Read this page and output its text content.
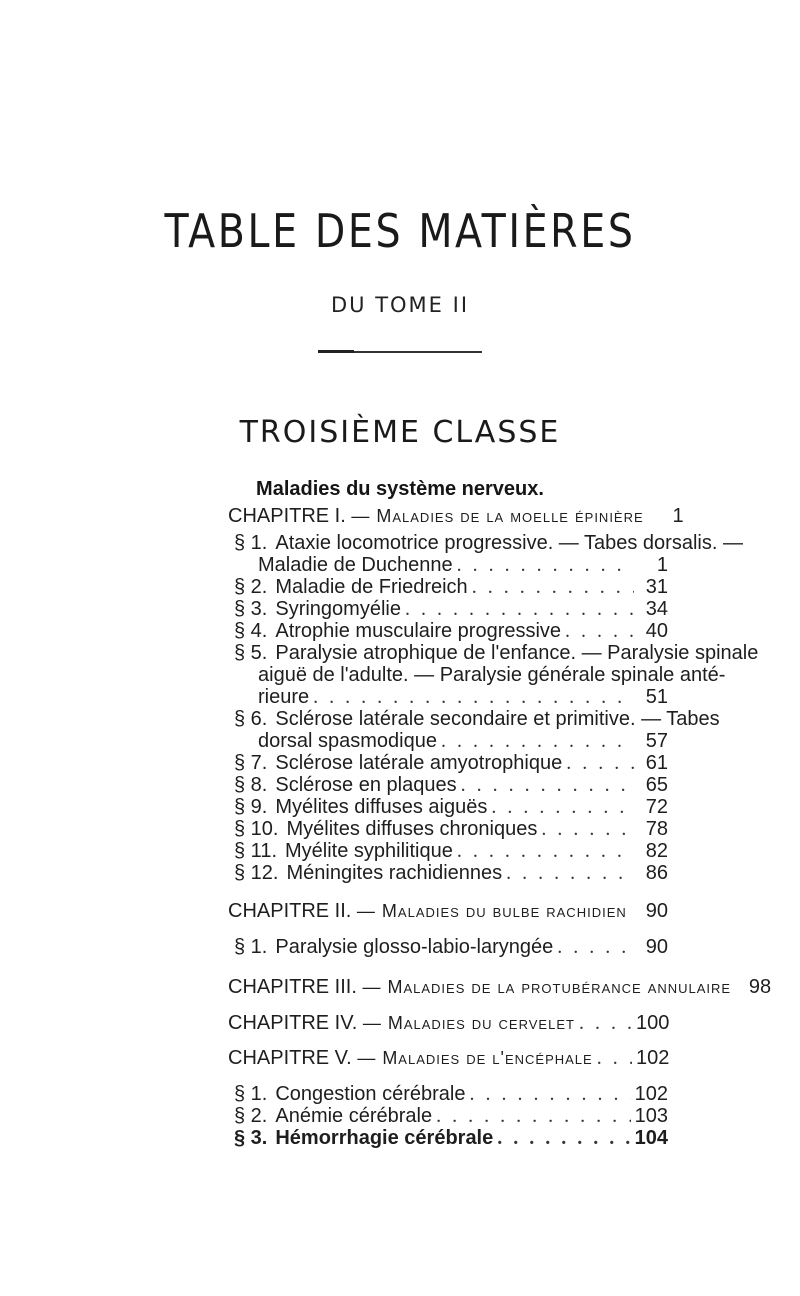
TABLE DES MATIÈRES
DU TOME II
TROISIÈME CLASSE
Maladies du système nerveux.
CHAPITRE I. — Maladies de la moelle épinière	1
§ 1. Ataxie locomotrice progressive. — Tabes dorsalis. —
Maladie de Duchenne . . .	1
§ 2. Maladie de Friedreich . . .	31
§ 3. Syringomyélie . . .	34
§ 4. Atrophie musculaire progressive . . .	40
§ 5. Paralysie atrophique de l'enfance. — Paralysie spinale
aiguë de l'adulte. — Paralysie générale spinale anté-
rieure . . .	51
§ 6. Sclérose latérale secondaire et primitive. — Tabes
dorsal spasmodique . . .	57
§ 7. Sclérose latérale amyotrophique . . .	61
§ 8. Sclérose en plaques . . .	65
§ 9. Myélites diffuses aiguës . . .	72
§ 10. Myélites diffuses chroniques . . .	78
§ 11. Myélite syphilitique . . .	82
§ 12. Méningites rachidiennes . . .	86
CHAPITRE II. — Maladies du bulbe rachidien . . . 90
§ 1. Paralysie glosso-labio-laryngée . . .	90
CHAPITRE III. — Maladies de la protubérance annulaire 98
CHAPITRE IV. — Maladies du cervelet . . .	100
CHAPITRE V. — Maladies de l'encéphale . . . 102
§ 1. Congestion cérébrale . . .	102
§ 2. Anémie cérébrale . . .	103
§ 3. Hémorrhagie cérébrale . . .	104
